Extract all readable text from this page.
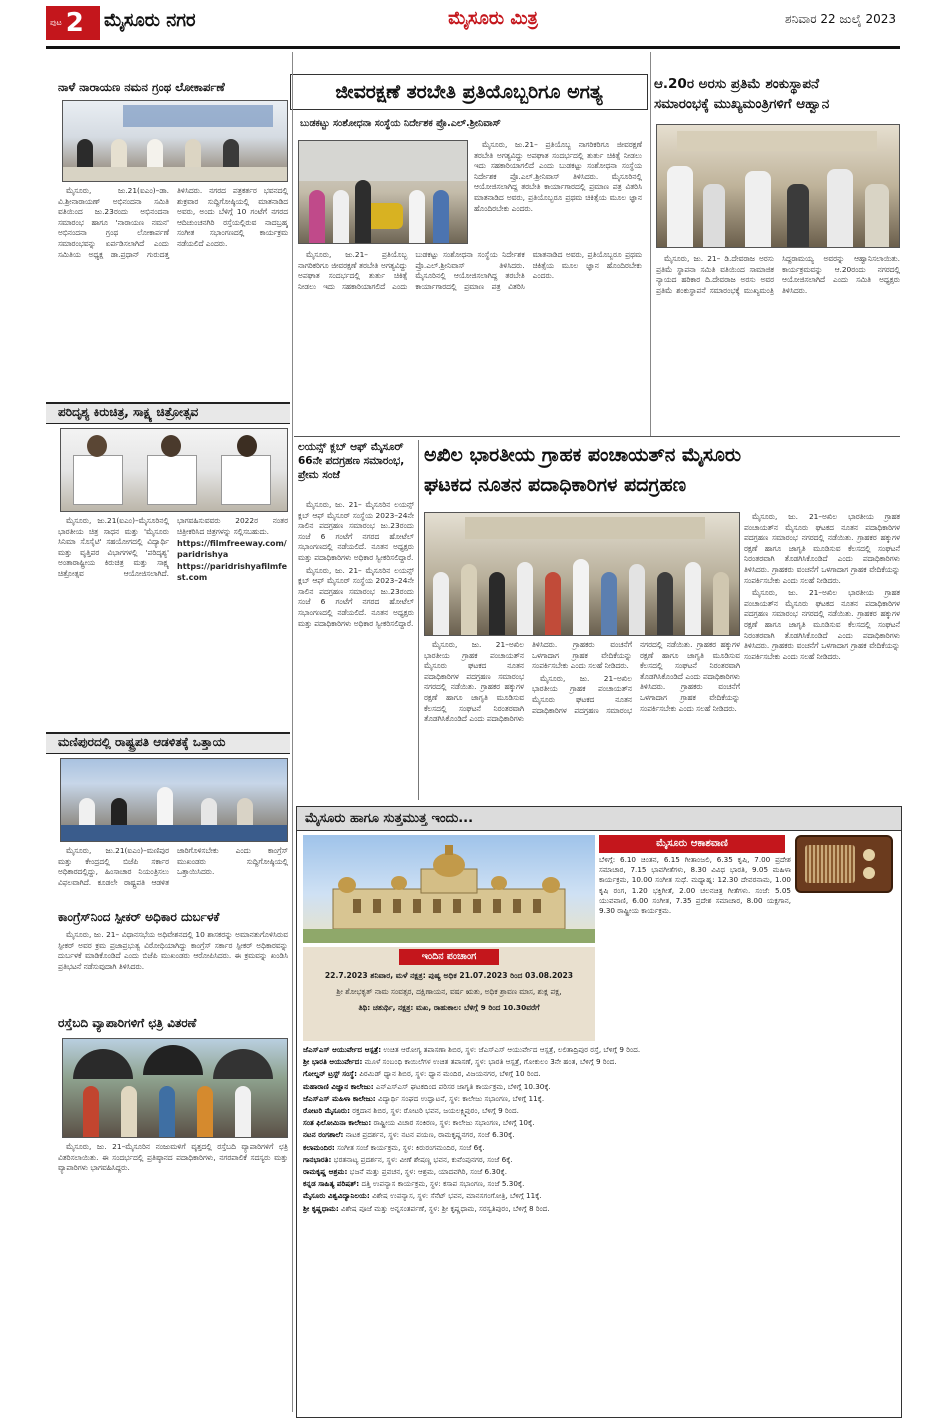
ಪುಟ 2 ಮೈಸೂರು ನಗರ	ಮೈಸೂರು ಮಿತ್ರ	ಶನಿವಾರ 22 ಜುಲೈ 2023
ನಾಳೆ ನಾರಾಯಣ ನಮನ ಗ್ರಂಥ ಲೋಕಾರ್ಪಣೆ

ಮೈಸೂರು, ಜು.21(ಐಎಂ)–ಡಾ. ವಿ.ಶ್ರೀನಾರಾಯಣ್ ಅಭಿನಂದನಾ ಸಮಿತಿ ವತಿಯಿಂದ ಜು.23ರಂದು ಅಭಿನಂದನಾ ಸಮಾರಂಭ ಹಾಗೂ 'ನಾರಾಯಣ ನಮನ' ಅಭಿನಂದನಾ ಗ್ರಂಥ ಲೋಕಾರ್ಪಣೆ ಸಮಾರಂಭವನ್ನು ಏರ್ಪಡಿಸಲಾಗಿದೆ ಎಂದು ಸಮಿತಿಯ ಅಧ್ಯಕ್ಷ ಡಾ.ಪ್ರಧಾನ್ ಗುರುದತ್ತ ತಿಳಿಸಿದರು. ನಗರದ ಪತ್ರಕರ್ತರ ಭವನದಲ್ಲಿ ಶುಕ್ರವಾರ ಸುದ್ದಿಗೋಷ್ಠಿಯಲ್ಲಿ ಮಾತನಾಡಿದ ಅವರು, ಅಂದು ಬೆಳಿಗ್ಗೆ 10 ಗಂಟೆಗೆ ನಗರದ ಆದಿಚುಂಚನಗಿರಿ ರಸ್ತೆಯಲ್ಲಿರುವ ನಾದಬ್ರಹ್ಮ ಸಂಗೀತ ಸಭಾಂಗಣದಲ್ಲಿ ಕಾರ್ಯಕ್ರಮ ನಡೆಯಲಿದೆ ಎಂದರು.

ಪರಿದೃಶ್ಯ ಕಿರುಚಿತ್ರ, ಸಾಕ್ಷ್ಯ ಚಿತ್ರೋತ್ಸವ

ಮೈಸೂರು, ಜು.21(ಐಎಂ)–ಮೈಸೂರಿನಲ್ಲಿ ಭಾರತೀಯ ಚಿತ್ರ ಸಾಧನ ಮತ್ತು 'ಮೈಸೂರು ಸಿನಿಮಾ ಸೊಸೈಟಿ' ಸಹಯೋಗದಲ್ಲಿ ವಿದ್ಯಾರ್ಥಿ ಮತ್ತು ವೃತ್ತಿಪರ ವಿಭಾಗಗಳಲ್ಲಿ 'ಪರಿದೃಶ್ಯ' ಅಂತಾರಾಷ್ಟ್ರೀಯ ಕಿರುಚಿತ್ರ ಮತ್ತು ಸಾಕ್ಷ್ಯ ಚಿತ್ರೋತ್ಸವ ಆಯೋಜಿಸಲಾಗಿದೆ. ಭಾಗವಹಿಸುವವರು 2022ರ ನಂತರ ಚಿತ್ರೀಕರಿಸಿದ ಚಿತ್ರಗಳನ್ನು ಸಲ್ಲಿಸಬಹುದು.

https://filmfreeway.com/paridrishya

https://paridrishyafilmfest.com

ಮಣಿಪುರದಲ್ಲಿ ರಾಷ್ಟ್ರಪತಿ ಆಡಳಿತಕ್ಕೆ ಒತ್ತಾಯ

ಮೈಸೂರು, ಜು.21(ಐಎಂ)–ಮಣಿಪುರ ಮತ್ತು ಕೇಂದ್ರದಲ್ಲಿ ಬಿಜೆಪಿ ಸರ್ಕಾರ ಅಧಿಕಾರದಲ್ಲಿದ್ದು, ಹಿಂಸಾಚಾರ ನಿಯಂತ್ರಿಸಲು ವಿಫಲವಾಗಿದೆ. ಕೂಡಲೇ ರಾಷ್ಟ್ರಪತಿ ಆಡಳಿತ ಜಾರಿಗೊಳಿಸಬೇಕು ಎಂದು ಕಾಂಗ್ರೆಸ್ ಮುಖಂಡರು ಸುದ್ದಿಗೋಷ್ಠಿಯಲ್ಲಿ ಒತ್ತಾಯಿಸಿದರು.

ಕಾಂಗ್ರೆಸ್‌ನಿಂದ ಸ್ಪೀಕರ್ ಅಧಿಕಾರ ದುರ್ಬಳಕೆ

ಮೈಸೂರು, ಜು. 21– ವಿಧಾನಸಭೆಯ ಅಧಿವೇಶನದಲ್ಲಿ 10 ಶಾಸಕರನ್ನು ಅಮಾನತುಗೊಳಿಸಿರುವ ಸ್ಪೀಕರ್ ಅವರ ಕ್ರಮ ಪ್ರಜಾಪ್ರಭುತ್ವ ವಿರೋಧಿಯಾಗಿದ್ದು ಕಾಂಗ್ರೆಸ್ ಸರ್ಕಾರ ಸ್ಪೀಕರ್ ಅಧಿಕಾರವನ್ನು ದುರ್ಬಳಕೆ ಮಾಡಿಕೊಂಡಿದೆ ಎಂದು ಬಿಜೆಪಿ ಮುಖಂಡರು ಆರೋಪಿಸಿದರು. ಈ ಕ್ರಮವನ್ನು ಖಂಡಿಸಿ ಪ್ರತಿಭಟನೆ ನಡೆಸುವುದಾಗಿ ತಿಳಿಸಿದರು.

ರಸ್ತೆಬದಿ ವ್ಯಾಪಾರಿಗಳಿಗೆ ಛತ್ರಿ ವಿತರಣೆ

ಮೈಸೂರು, ಜು. 21–ಮೈಸೂರಿನ ನಂಜುಮಳಿಗೆ ವೃತ್ತದಲ್ಲಿ ರಸ್ತೆಬದಿ ವ್ಯಾಪಾರಿಗಳಿಗೆ ಛತ್ರಿ ವಿತರಿಸಲಾಯಿತು. ಈ ಸಂದರ್ಭದಲ್ಲಿ ಪ್ರತಿಷ್ಠಾನದ ಪದಾಧಿಕಾರಿಗಳು, ನಗರಪಾಲಿಕೆ ಸದಸ್ಯರು ಮತ್ತು ವ್ಯಾಪಾರಿಗಳು ಭಾಗವಹಿಸಿದ್ದರು.

ಜೀವರಕ್ಷಣೆ ತರಬೇತಿ ಪ್ರತಿಯೊಬ್ಬರಿಗೂ ಅಗತ್ಯ
ಬುಡಕಟ್ಟು ಸಂಶೋಧನಾ ಸಂಸ್ಥೆಯ ನಿರ್ದೇಶಕ ಪ್ರೊ.ಎಲ್.ಶ್ರೀನಿವಾಸ್

ಮೈಸೂರು, ಜು.21– ಪ್ರತಿಯೊಬ್ಬ ನಾಗರಿಕರಿಗೂ ಜೀವರಕ್ಷಣೆ ತರಬೇತಿ ಅಗತ್ಯವಿದ್ದು ಅಪಘಾತ ಸಂದರ್ಭದಲ್ಲಿ ತುರ್ತು ಚಿಕಿತ್ಸೆ ನೀಡಲು ಇದು ಸಹಕಾರಿಯಾಗಲಿದೆ ಎಂದು ಬುಡಕಟ್ಟು ಸಂಶೋಧನಾ ಸಂಸ್ಥೆಯ ನಿರ್ದೇಶಕ ಪ್ರೊ.ಎಲ್.ಶ್ರೀನಿವಾಸ್ ತಿಳಿಸಿದರು. ಮೈಸೂರಿನಲ್ಲಿ ಆಯೋಜಿಸಲಾಗಿದ್ದ ತರಬೇತಿ ಕಾರ್ಯಾಗಾರದಲ್ಲಿ ಪ್ರಮಾಣ ಪತ್ರ ವಿತರಿಸಿ ಮಾತನಾಡಿದ ಅವರು, ಪ್ರತಿಯೊಬ್ಬರೂ ಪ್ರಥಮ ಚಿಕಿತ್ಸೆಯ ಮೂಲ ಜ್ಞಾನ ಹೊಂದಿರಬೇಕು ಎಂದರು.

ಮೈಸೂರು, ಜು.21– ಪ್ರತಿಯೊಬ್ಬ ನಾಗರಿಕರಿಗೂ ಜೀವರಕ್ಷಣೆ ತರಬೇತಿ ಅಗತ್ಯವಿದ್ದು ಅಪಘಾತ ಸಂದರ್ಭದಲ್ಲಿ ತುರ್ತು ಚಿಕಿತ್ಸೆ ನೀಡಲು ಇದು ಸಹಕಾರಿಯಾಗಲಿದೆ ಎಂದು ಬುಡಕಟ್ಟು ಸಂಶೋಧನಾ ಸಂಸ್ಥೆಯ ನಿರ್ದೇಶಕ ಪ್ರೊ.ಎಲ್.ಶ್ರೀನಿವಾಸ್ ತಿಳಿಸಿದರು. ಮೈಸೂರಿನಲ್ಲಿ ಆಯೋಜಿಸಲಾಗಿದ್ದ ತರಬೇತಿ ಕಾರ್ಯಾಗಾರದಲ್ಲಿ ಪ್ರಮಾಣ ಪತ್ರ ವಿತರಿಸಿ ಮಾತನಾಡಿದ ಅವರು, ಪ್ರತಿಯೊಬ್ಬರೂ ಪ್ರಥಮ ಚಿಕಿತ್ಸೆಯ ಮೂಲ ಜ್ಞಾನ ಹೊಂದಿರಬೇಕು ಎಂದರು.

ಆ.20ರ ಅರಸು ಪ್ರತಿಮೆ ಶಂಕುಸ್ಥಾಪನೆ
ಸಮಾರಂಭಕ್ಕೆ ಮುಖ್ಯಮಂತ್ರಿಗಳಿಗೆ ಆಹ್ವಾನ

ಮೈಸೂರು, ಜು. 21– ಡಿ.ದೇವರಾಜ ಅರಸು ಪ್ರತಿಮೆ ಸ್ಥಾಪನಾ ಸಮಿತಿ ವತಿಯಿಂದ ಸಾಮಾಜಿಕ ನ್ಯಾಯದ ಹರಿಕಾರ ದಿ.ದೇವರಾಜ ಅರಸು ಅವರ ಪ್ರತಿಮೆ ಶಂಕುಸ್ಥಾಪನೆ ಸಮಾರಂಭಕ್ಕೆ ಮುಖ್ಯಮಂತ್ರಿ ಸಿದ್ದರಾಮಯ್ಯ ಅವರನ್ನು ಆಹ್ವಾನಿಸಲಾಯಿತು. ಕಾರ್ಯಕ್ರಮವನ್ನು ಆ.20ರಂದು ನಗರದಲ್ಲಿ ಆಯೋಜಿಸಲಾಗಿದೆ ಎಂದು ಸಮಿತಿ ಅಧ್ಯಕ್ಷರು ತಿಳಿಸಿದರು.

ಲಯನ್ಸ್ ಕ್ಲಬ್ ಆಫ್ ಮೈಸೂರ್ 66ನೇ ಪದಗ್ರಹಣ ಸಮಾರಂಭ, ಪ್ರೇಮ ಸಂಜೆ

ಮೈಸೂರು, ಜು. 21– ಮೈಸೂರಿನ ಲಯನ್ಸ್ ಕ್ಲಬ್ ಆಫ್ ಮೈಸೂರ್ ಸಂಸ್ಥೆಯ 2023–24ನೇ ಸಾಲಿನ ಪದಗ್ರಹಣ ಸಮಾರಂಭ ಜು.23ರಂದು ಸಂಜೆ 6 ಗಂಟೆಗೆ ನಗರದ ಹೋಟೆಲ್ ಸಭಾಂಗಣದಲ್ಲಿ ನಡೆಯಲಿದೆ. ನೂತನ ಅಧ್ಯಕ್ಷರು ಮತ್ತು ಪದಾಧಿಕಾರಿಗಳು ಅಧಿಕಾರ ಸ್ವೀಕರಿಸಲಿದ್ದಾರೆ.

ಮೈಸೂರು, ಜು. 21– ಮೈಸೂರಿನ ಲಯನ್ಸ್ ಕ್ಲಬ್ ಆಫ್ ಮೈಸೂರ್ ಸಂಸ್ಥೆಯ 2023–24ನೇ ಸಾಲಿನ ಪದಗ್ರಹಣ ಸಮಾರಂಭ ಜು.23ರಂದು ಸಂಜೆ 6 ಗಂಟೆಗೆ ನಗರದ ಹೋಟೆಲ್ ಸಭಾಂಗಣದಲ್ಲಿ ನಡೆಯಲಿದೆ. ನೂತನ ಅಧ್ಯಕ್ಷರು ಮತ್ತು ಪದಾಧಿಕಾರಿಗಳು ಅಧಿಕಾರ ಸ್ವೀಕರಿಸಲಿದ್ದಾರೆ.

ಅಖಿಲ ಭಾರತೀಯ ಗ್ರಾಹಕ ಪಂಚಾಯತ್‌ನ ಮೈಸೂರು
ಘಟಕದ ನೂತನ ಪದಾಧಿಕಾರಿಗಳ ಪದಗ್ರಹಣ

ಮೈಸೂರು, ಜು. 21–ಅಖಿಲ ಭಾರತೀಯ ಗ್ರಾಹಕ ಪಂಚಾಯತ್‌ನ ಮೈಸೂರು ಘಟಕದ ನೂತನ ಪದಾಧಿಕಾರಿಗಳ ಪದಗ್ರಹಣ ಸಮಾರಂಭ ನಗರದಲ್ಲಿ ನಡೆಯಿತು. ಗ್ರಾಹಕರ ಹಕ್ಕುಗಳ ರಕ್ಷಣೆ ಹಾಗೂ ಜಾಗೃತಿ ಮೂಡಿಸುವ ಕೆಲಸದಲ್ಲಿ ಸಂಘಟನೆ ನಿರಂತರವಾಗಿ ತೊಡಗಿಸಿಕೊಂಡಿದೆ ಎಂದು ಪದಾಧಿಕಾರಿಗಳು ತಿಳಿಸಿದರು. ಗ್ರಾಹಕರು ವಂಚನೆಗೆ ಒಳಗಾದಾಗ ಗ್ರಾಹಕ ವೇದಿಕೆಯನ್ನು ಸಂಪರ್ಕಿಸಬೇಕು ಎಂದು ಸಲಹೆ ನೀಡಿದರು.

ಮೈಸೂರು, ಜು. 21–ಅಖಿಲ ಭಾರತೀಯ ಗ್ರಾಹಕ ಪಂಚಾಯತ್‌ನ ಮೈಸೂರು ಘಟಕದ ನೂತನ ಪದಾಧಿಕಾರಿಗಳ ಪದಗ್ರಹಣ ಸಮಾರಂಭ ನಗರದಲ್ಲಿ ನಡೆಯಿತು. ಗ್ರಾಹಕರ ಹಕ್ಕುಗಳ ರಕ್ಷಣೆ ಹಾಗೂ ಜಾಗೃತಿ ಮೂಡಿಸುವ ಕೆಲಸದಲ್ಲಿ ಸಂಘಟನೆ ನಿರಂತರವಾಗಿ ತೊಡಗಿಸಿಕೊಂಡಿದೆ ಎಂದು ಪದಾಧಿಕಾರಿಗಳು ತಿಳಿಸಿದರು. ಗ್ರಾಹಕರು ವಂಚನೆಗೆ ಒಳಗಾದಾಗ ಗ್ರಾಹಕ ವೇದಿಕೆಯನ್ನು ಸಂಪರ್ಕಿಸಬೇಕು ಎಂದು ಸಲಹೆ ನೀಡಿದರು.

ಮೈಸೂರು, ಜು. 21–ಅಖಿಲ ಭಾರತೀಯ ಗ್ರಾಹಕ ಪಂಚಾಯತ್‌ನ ಮೈಸೂರು ಘಟಕದ ನೂತನ ಪದಾಧಿಕಾರಿಗಳ ಪದಗ್ರಹಣ ಸಮಾರಂಭ ನಗರದಲ್ಲಿ ನಡೆಯಿತು. ಗ್ರಾಹಕರ ಹಕ್ಕುಗಳ ರಕ್ಷಣೆ ಹಾಗೂ ಜಾಗೃತಿ ಮೂಡಿಸುವ ಕೆಲಸದಲ್ಲಿ ಸಂಘಟನೆ ನಿರಂತರವಾಗಿ ತೊಡಗಿಸಿಕೊಂಡಿದೆ ಎಂದು ಪದಾಧಿಕಾರಿಗಳು ತಿಳಿಸಿದರು. ಗ್ರಾಹಕರು ವಂಚನೆಗೆ ಒಳಗಾದಾಗ ಗ್ರಾಹಕ ವೇದಿಕೆಯನ್ನು ಸಂಪರ್ಕಿಸಬೇಕು ಎಂದು ಸಲಹೆ ನೀಡಿದರು.

ಮೈಸೂರು, ಜು. 21–ಅಖಿಲ ಭಾರತೀಯ ಗ್ರಾಹಕ ಪಂಚಾಯತ್‌ನ ಮೈಸೂರು ಘಟಕದ ನೂತನ ಪದಾಧಿಕಾರಿಗಳ ಪದಗ್ರಹಣ ಸಮಾರಂಭ ನಗರದಲ್ಲಿ ನಡೆಯಿತು. ಗ್ರಾಹಕರ ಹಕ್ಕುಗಳ ರಕ್ಷಣೆ ಹಾಗೂ ಜಾಗೃತಿ ಮೂಡಿಸುವ ಕೆಲಸದಲ್ಲಿ ಸಂಘಟನೆ ನಿರಂತರವಾಗಿ ತೊಡಗಿಸಿಕೊಂಡಿದೆ ಎಂದು ಪದಾಧಿಕಾರಿಗಳು ತಿಳಿಸಿದರು. ಗ್ರಾಹಕರು ವಂಚನೆಗೆ ಒಳಗಾದಾಗ ಗ್ರಾಹಕ ವೇದಿಕೆಯನ್ನು ಸಂಪರ್ಕಿಸಬೇಕು ಎಂದು ಸಲಹೆ ನೀಡಿದರು.

ಮೈಸೂರು ಹಾಗೂ ಸುತ್ತಮುತ್ತ ಇಂದು...
ಮೈಸೂರು ಆಕಾಶವಾಣಿ
ಬೆಳಿಗ್ಗೆ: 6.10 ಚಿಂತನ, 6.15 ಗೀತಾಂಜಲಿ, 6.35 ಕೃಷಿ, 7.00 ಪ್ರದೇಶ ಸಮಾಚಾರ, 7.15 ಭಾವಗೀತೆಗಳು, 8.30 ವಿವಿಧ ಭಾರತಿ, 9.05 ಮಹಿಳಾ ಕಾರ್ಯಕ್ರಮ, 10.00 ಸಂಗೀತ ಸುಧೆ. ಮಧ್ಯಾಹ್ನ: 12.30 ದೇವರನಾಮ, 1.00 ಕೃಷಿ ರಂಗ, 1.20 ಭಕ್ತಿಗೀತೆ, 2.00 ಚಲನಚಿತ್ರ ಗೀತೆಗಳು. ಸಂಜೆ: 5.05 ಯುವವಾಣಿ, 6.00 ಸಂಗೀತ, 7.35 ಪ್ರದೇಶ ಸಮಾಚಾರ, 8.00 ಯಕ್ಷಗಾನ, 9.30 ರಾಷ್ಟ್ರೀಯ ಕಾರ್ಯಕ್ರಮ.
ಇಂದಿನ ಪಂಚಾಂಗ
22.7.2023 ಶನಿವಾರ, ಮಳೆ ನಕ್ಷತ್ರ: ಪುಷ್ಯ ಅಧಿಕ 21.07.2023 ರಿಂದ 03.08.2023
ಶ್ರೀ ಶೋಭಕೃತ್ ನಾಮ ಸಂವತ್ಸರ, ದಕ್ಷಿಣಾಯನ, ವರ್ಷ ಋತು, ಅಧಿಕ ಶ್ರಾವಣ ಮಾಸ, ಶುಕ್ಲ ಪಕ್ಷ,
ತಿಥಿ: ಚತುರ್ಥಿ, ನಕ್ಷತ್ರ: ಮಖ, ರಾಹುಕಾಲ: ಬೆಳಿಗ್ಗೆ 9 ರಿಂದ 10.30ವರೆಗೆ
ಜೆಎಸ್‌ಎಸ್ ಆಯುರ್ವೇದ ಆಸ್ಪತ್ರೆ: ಉಚಿತ ಆರೋಗ್ಯ ತಪಾಸಣಾ ಶಿಬಿರ, ಸ್ಥಳ: ಜೆಎಸ್‌ಎಸ್ ಆಯುರ್ವೇದ ಆಸ್ಪತ್ರೆ, ಲಲಿತಾದ್ರಿಪುರ ರಸ್ತೆ, ಬೆಳಿಗ್ಗೆ 9 ರಿಂದ.
ಶ್ರೀ ಭಾರತಿ ಆಯುರ್ವೇದ: ಮೂಳೆ ಸಂಬಂಧಿ ಕಾಯಿಲೆಗಳ ಉಚಿತ ತಪಾಸಣೆ, ಸ್ಥಳ: ಭಾರತಿ ಆಸ್ಪತ್ರೆ, ಗೋಕುಲಂ 3ನೇ ಹಂತ, ಬೆಳಿಗ್ಗೆ 9 ರಿಂದ.
ಗೋಲ್ಡನ್ ಟ್ರಸ್ಟ್ ಸಂಸ್ಥೆ: ಪಿರಮಿಡ್ ಧ್ಯಾನ ಶಿಬಿರ, ಸ್ಥಳ: ಧ್ಯಾನ ಮಂದಿರ, ವಿಜಯನಗರ, ಬೆಳಿಗ್ಗೆ 10 ರಿಂದ.
ಮಹಾರಾಣಿ ವಿಜ್ಞಾನ ಕಾಲೇಜು: ಎನ್‌ಎಸ್‌ಎಸ್ ಘಟಕದಿಂದ ಪರಿಸರ ಜಾಗೃತಿ ಕಾರ್ಯಕ್ರಮ, ಬೆಳಿಗ್ಗೆ 10.30ಕ್ಕೆ.
ಜೆಎಸ್‌ಎಸ್ ಮಹಿಳಾ ಕಾಲೇಜು: ವಿದ್ಯಾರ್ಥಿ ಸಂಘದ ಉದ್ಘಾಟನೆ, ಸ್ಥಳ: ಕಾಲೇಜು ಸಭಾಂಗಣ, ಬೆಳಿಗ್ಗೆ 11ಕ್ಕೆ.
ರೋಟರಿ ಮೈಸೂರು: ರಕ್ತದಾನ ಶಿಬಿರ, ಸ್ಥಳ: ರೋಟರಿ ಭವನ, ಜಯಲಕ್ಷ್ಮಿಪುರಂ, ಬೆಳಿಗ್ಗೆ 9 ರಿಂದ.
ಸಂತ ಫಿಲೋಮಿನಾ ಕಾಲೇಜು: ರಾಷ್ಟ್ರೀಯ ವಿಚಾರ ಸಂಕಿರಣ, ಸ್ಥಳ: ಕಾಲೇಜು ಸಭಾಂಗಣ, ಬೆಳಿಗ್ಗೆ 10ಕ್ಕೆ.
ನಟನ ರಂಗಶಾಲೆ: ನಾಟಕ ಪ್ರದರ್ಶನ, ಸ್ಥಳ: ನಟನ ಪಯಣ, ರಾಮಕೃಷ್ಣನಗರ, ಸಂಜೆ 6.30ಕ್ಕೆ.
ಕಲಾಮಂದಿರ: ಸಂಗೀತ ಸಂಜೆ ಕಾರ್ಯಕ್ರಮ, ಸ್ಥಳ: ಕಿರುರಂಗಮಂದಿರ, ಸಂಜೆ 6ಕ್ಕೆ.
ಗಾನಭಾರತಿ: ಭರತನಾಟ್ಯ ಪ್ರದರ್ಶನ, ಸ್ಥಳ: ವೀಣೆ ಶೇಷಣ್ಣ ಭವನ, ಕುವೆಂಪುನಗರ, ಸಂಜೆ 6ಕ್ಕೆ.
ರಾಮಕೃಷ್ಣ ಆಶ್ರಮ: ಭಜನೆ ಮತ್ತು ಪ್ರವಚನ, ಸ್ಥಳ: ಆಶ್ರಮ, ಯಾದವಗಿರಿ, ಸಂಜೆ 6.30ಕ್ಕೆ.
ಕನ್ನಡ ಸಾಹಿತ್ಯ ಪರಿಷತ್: ದತ್ತಿ ಉಪನ್ಯಾಸ ಕಾರ್ಯಕ್ರಮ, ಸ್ಥಳ: ಕಸಾಪ ಸಭಾಂಗಣ, ಸಂಜೆ 5.30ಕ್ಕೆ.
ಮೈಸೂರು ವಿಶ್ವವಿದ್ಯಾನಿಲಯ: ವಿಶೇಷ ಉಪನ್ಯಾಸ, ಸ್ಥಳ: ಸೆನೆಟ್ ಭವನ, ಮಾನಸಗಂಗೋತ್ರಿ, ಬೆಳಿಗ್ಗೆ 11ಕ್ಕೆ.
ಶ್ರೀ ಕೃಷ್ಣಧಾಮ: ವಿಶೇಷ ಪೂಜೆ ಮತ್ತು ಅನ್ನಸಂತರ್ಪಣೆ, ಸ್ಥಳ: ಶ್ರೀ ಕೃಷ್ಣಧಾಮ, ಸರಸ್ವತಿಪುರಂ, ಬೆಳಿಗ್ಗೆ 8 ರಿಂದ.
